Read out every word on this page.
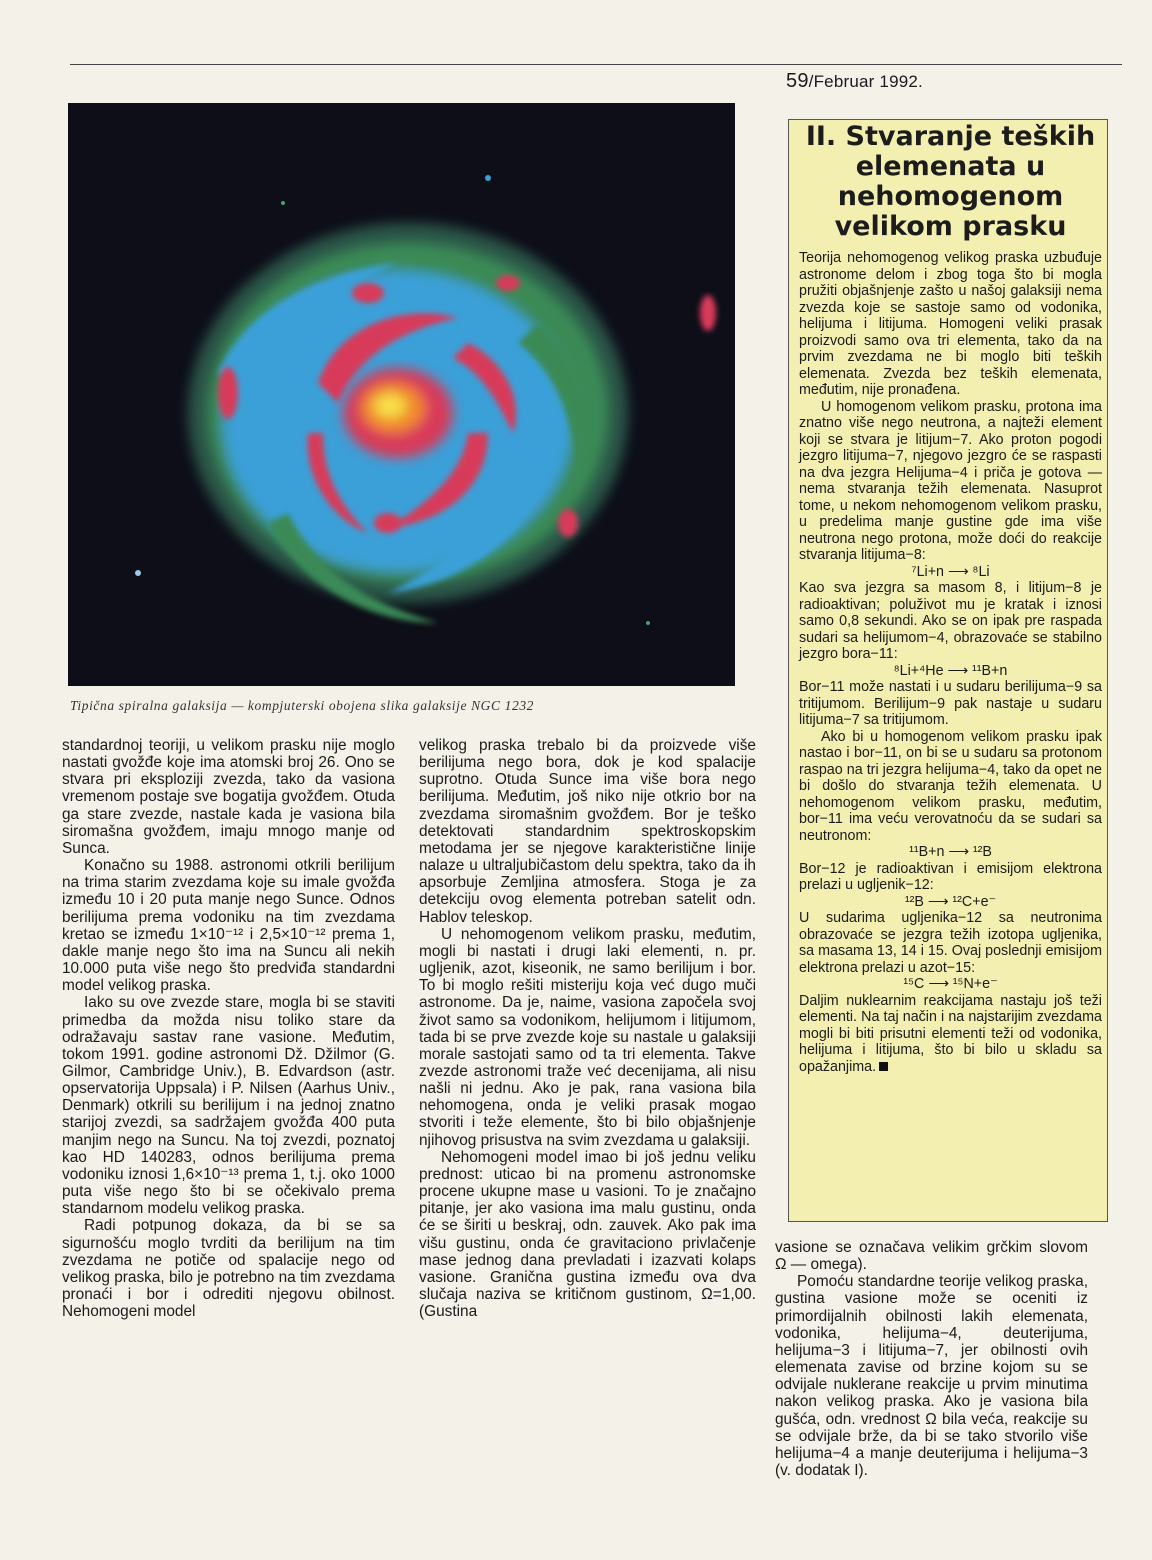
59/Februar 1992.
Tipična spiralna galaksija — kompjuterski obojena slika galaksije NGC 1232

standardnoj teoriji, u velikom prasku nije moglo nastati gvožđe koje ima atomski broj 26. Ono se stvara pri eksploziji zvezda, tako da vasiona vremenom postaje sve bogatija gvožđem. Otuda ga stare zvezde, nastale kada je vasiona bila siromašna gvožđem, imaju mnogo manje od Sunca.

Konačno su 1988. astronomi otkrili berilijum na trima starim zvezdama koje su imale gvožđa između 10 i 20 puta manje nego Sunce. Odnos berilijuma prema vodoniku na tim zvezdama kretao se između 1×10⁻¹² i 2,5×10⁻¹² prema 1, dakle manje nego što ima na Suncu ali nekih 10.000 puta više nego što predviđa standardni model velikog praska.

Iako su ove zvezde stare, mogla bi se staviti primedba da možda nisu toliko stare da odražavaju sastav rane vasione. Međutim, tokom 1991. godine astronomi Dž. Džilmor (G. Gilmor, Cambridge Univ.), B. Edvardson (astr. opservatorija Uppsala) i P. Nilsen (Aarhus Univ., Denmark) otkrili su berilijum i na jednoj znatno starijoj zvezdi, sa sadržajem gvožđa 400 puta manjim nego na Suncu. Na toj zvezdi, poznatoj kao HD 140283, odnos berilijuma prema vodoniku iznosi 1,6×10⁻¹³ prema 1, t.j. oko 1000 puta više nego što bi se očekivalo prema standarnom modelu velikog praska.

Radi potpunog dokaza, da bi se sa sigurnošću moglo tvrditi da berilijum na tim zvezdama ne potiče od spalacije nego od velikog praska, bilo je potrebno na tim zvezdama pronaći i bor i odrediti njegovu obilnost. Nehomogeni model

velikog praska trebalo bi da proizvede više berilijuma nego bora, dok je kod spalacije suprotno. Otuda Sunce ima više bora nego berilijuma. Međutim, još niko nije otkrio bor na zvezdama siromašnim gvožđem. Bor je teško detektovati standardnim spektroskopskim metodama jer se njegove karakteristične linije nalaze u ultraljubičastom delu spektra, tako da ih apsorbuje Zemljina atmosfera. Stoga je za detekciju ovog elementa potreban satelit odn. Hablov teleskop.

U nehomogenom velikom prasku, međutim, mogli bi nastati i drugi laki elementi, n. pr. ugljenik, azot, kiseonik, ne samo berilijum i bor. To bi moglo rešiti misteriju koja već dugo muči astronome. Da je, naime, vasiona započela svoj život samo sa vodonikom, helijumom i litijumom, tada bi se prve zvezde koje su nastale u galaksiji morale sastojati samo od ta tri elementa. Takve zvezde astronomi traže već decenijama, ali nisu našli ni jednu. Ako je pak, rana vasiona bila nehomogena, onda je veliki prasak mogao stvoriti i teže elemente, što bi bilo objašnjenje njihovog prisustva na svim zvezdama u galaksiji.

Nehomogeni model imao bi još jednu veliku prednost: uticao bi na promenu astronomske procene ukupne mase u vasioni. To je značajno pitanje, jer ako vasiona ima malu gustinu, onda će se širiti u beskraj, odn. zauvek. Ako pak ima višu gustinu, onda će gravitaciono privlačenje mase jednog dana prevladati i izazvati kolaps vasione. Granična gustina između ova dva slučaja naziva se kritičnom gustinom, Ω=1,00. (Gustina

II. Stvaranje teških elemenata u nehomogenom velikom prasku

Teorija nehomogenog velikog praska uzbuđuje astronome delom i zbog toga što bi mogla pružiti objašnjenje zašto u našoj galaksiji nema zvezda koje se sastoje samo od vodonika, helijuma i litijuma. Homogeni veliki prasak proizvodi samo ova tri elementa, tako da na prvim zvezdama ne bi moglo biti teških elemenata. Zvezda bez teških elemenata, međutim, nije pronađena.

U homogenom velikom prasku, protona ima znatno više nego neutrona, a najteži element koji se stvara je litijum−7. Ako proton pogodi jezgro litijuma−7, njegovo jezgro će se raspasti na dva jezgra Helijuma−4 i priča je gotova — nema stvaranja težih elemenata. Nasuprot tome, u nekom nehomogenom velikom prasku, u predelima manje gustine gde ima više neutrona nego protona, može doći do reakcije stvaranja litijuma−8:

⁷Li+n ⟶ ⁸Li

Kao sva jezgra sa masom 8, i litijum−8 je radioaktivan; poluživot mu je kratak i iznosi samo 0,8 sekundi. Ako se on ipak pre raspada sudari sa helijumom−4, obrazovaće se stabilno jezgro bora−11:

⁸Li+⁴He ⟶ ¹¹B+n

Bor−11 može nastati i u sudaru berilijuma−9 sa tritijumom. Berilijum−9 pak nastaje u sudaru litijuma−7 sa tritijumom.

Ako bi u homogenom velikom prasku ipak nastao i bor−11, on bi se u sudaru sa protonom raspao na tri jezgra helijuma−4, tako da opet ne bi došlo do stvaranja težih elemenata. U nehomogenom velikom prasku, međutim, bor−11 ima veću verovatnoću da se sudari sa neutronom:

¹¹B+n ⟶ ¹²B

Bor−12 je radioaktivan i emisijom elektrona prelazi u ugljenik−12:

¹²B ⟶ ¹²C+e⁻

U sudarima ugljenika−12 sa neutronima obrazovaće se jezgra težih izotopa ugljenika, sa masama 13, 14 i 15. Ovaj poslednji emisijom elektrona prelazi u azot−15:

¹⁵C ⟶ ¹⁵N+e⁻

Daljim nuklearnim reakcijama nastaju još teži elementi. Na taj način i na najstarijim zvezdama mogli bi biti prisutni elementi teži od vodonika, helijuma i litijuma, što bi bilo u skladu sa opažanjima.

vasione se označava velikim grčkim slovom Ω — omega).

Pomoću standardne teorije velikog praska, gustina vasione može se oceniti iz primordijalnih obilnosti lakih elemenata, vodonika, helijuma−4, deuterijuma, helijuma−3 i litijuma−7, jer obilnosti ovih elemenata zavise od brzine kojom su se odvijale nuklerane reakcije u prvim minutima nakon velikog praska. Ako je vasiona bila gušća, odn. vrednost Ω bila veća, reakcije su se odvijale brže, da bi se tako stvorilo više helijuma−4 a manje deuterijuma i helijuma−3 (v. dodatak I).
